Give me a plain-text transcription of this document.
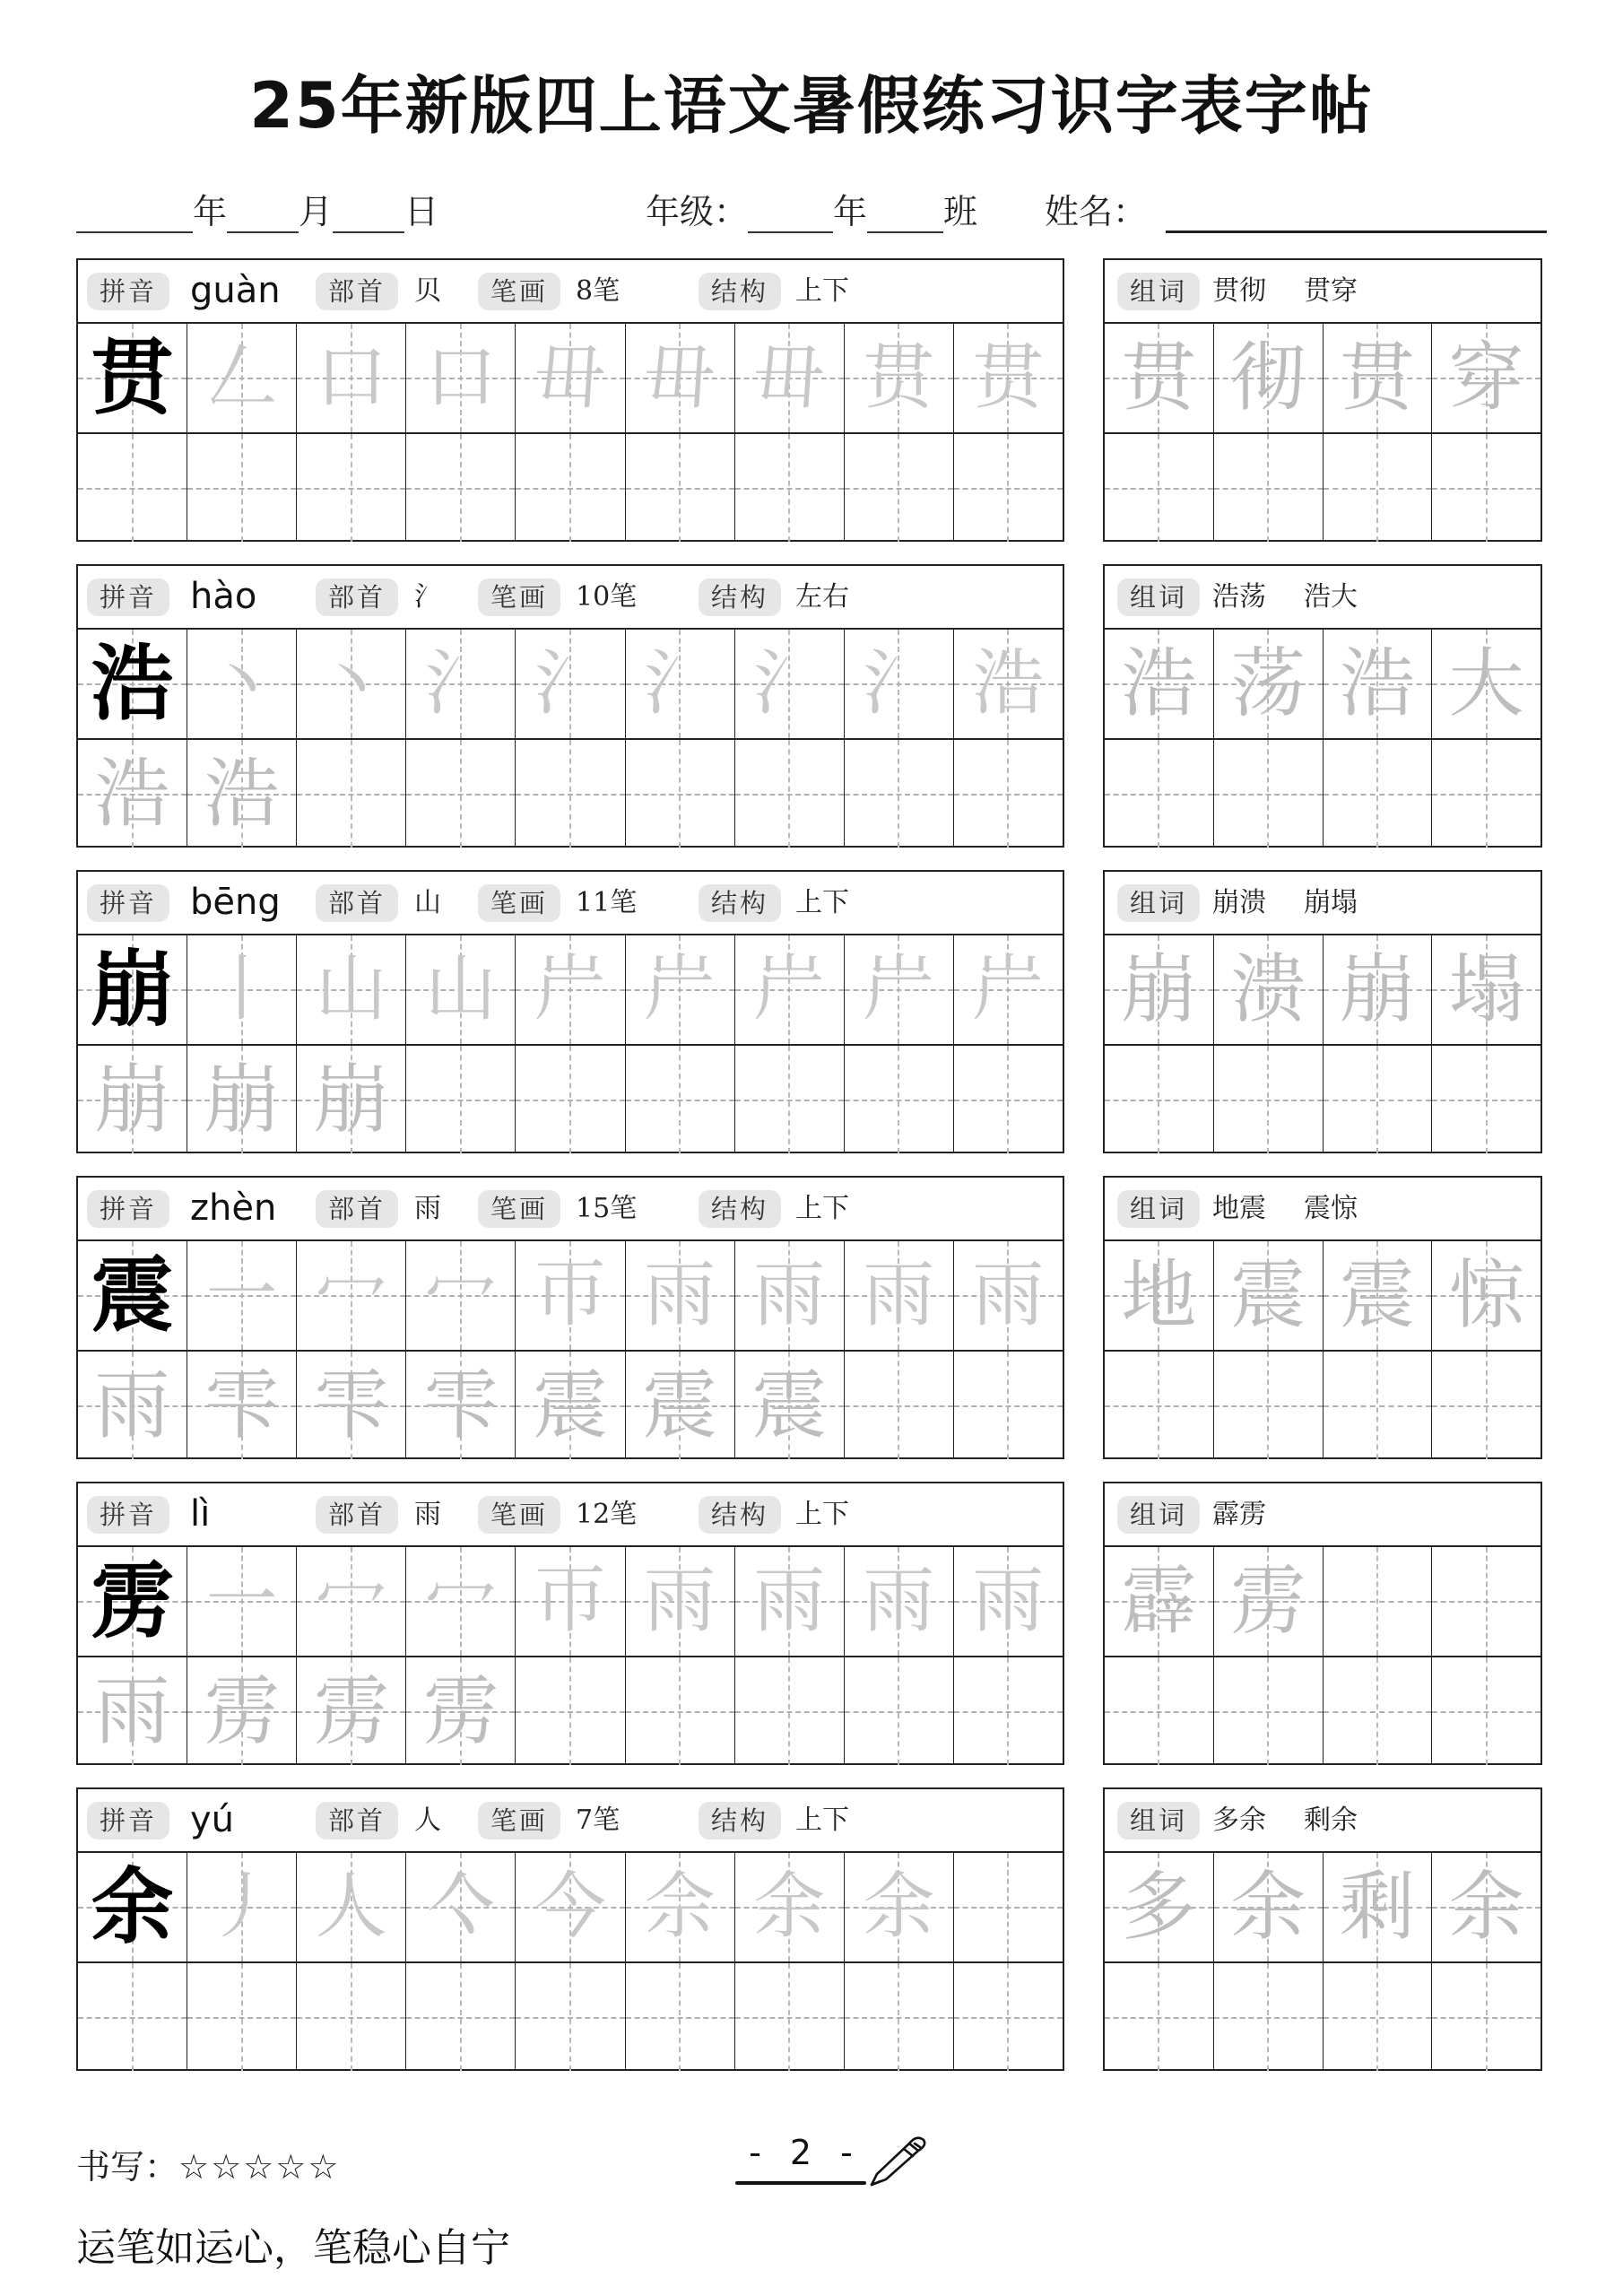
25年新版四上语文暑假练习识字表字帖
年 月 日	年级：	年 班 姓名：
拼音 guàn	部首	贝	笔画	8笔	结构 上下
贯 𠃋 口 口 毌 毌 毌 贯 贯
组词 贯彻 贯穿
贯 彻 贯 穿
拼音 hào	部首	氵	笔画	10笔	结构 左右
浩 丶 丶 氵 氵 氵 氵 氵 浩
浩 浩
组词 浩荡 浩大
浩 荡 浩 大
拼音 bēng	部首	山	笔画	11笔	结构 上下
崩 丨 山 山 屵 屵 屵 屵 屵
崩 崩 崩
组词 崩溃 崩塌
崩 溃 崩 塌
拼音 zhèn	部首	雨	笔画	15笔	结构 上下
震 一 冖 冖 帀 雨 雨 雨 雨
雨 雫 雫 雫 震 震 震
组词 地震 震惊
地 震 震 惊
拼音 lì	部首	雨	笔画	12笔	结构 上下
雳 一 冖 冖 帀 雨 雨 雨 雨
雨 雳 雳 雳
组词 霹雳
霹 雳
拼音 yú	部首	人	笔画	7笔	结构 上下
余 丿 人 亽 今 佘 余 余
组词 多余 剩余
多 余 剩 余
书写：☆☆☆☆☆	- 2 -
运笔如运心，笔稳心自宁
